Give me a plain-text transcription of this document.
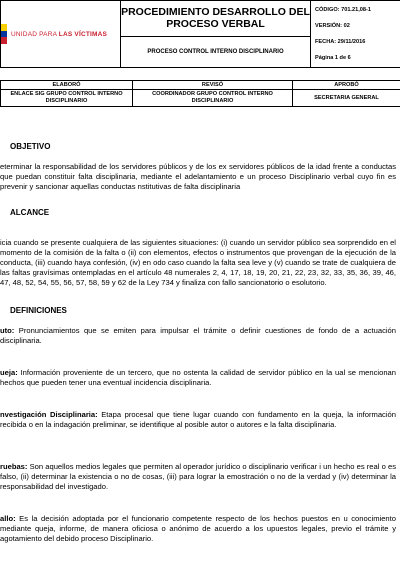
UNIDAD PARA LAS VÍCTIMAS
	PROCEDIMIENTO DESARROLLO DEL PROCESO VERBAL	
CÓDIGO: 701.21,08-1
VERSIÓN: 02
FECHA: 29/11/2016
Página 1 de 6

PROCESO CONTROL INTERNO DISCIPLINARIO
ELABORÓ	REVISÓ	APROBÓ
ENLACE SIG GRUPO CONTROL INTERNO DISCIPLINARIO	COORDINADOR GRUPO CONTROL INTERNO DISCIPLINARIO	SECRETARIA GENERAL
OBJETIVO

eterminar la responsabilidad de los servidores públicos y de los ex servidores públicos de la idad frente a conductas que puedan constituir falta disciplinaria, mediante el adelantamiento e un proceso Disciplinario verbal cuyo fin es prevenir y sancionar aquellas conductas nstitutivas de falta disciplinaria

ALCANCE

icia cuando se presente cualquiera de las siguientes situaciones: (i) cuando un servidor público sea sorprendido en el momento de la comisión de la falta o (ii) con elementos, efectos o instrumentos que provengan de la ejecución de la conducta, (iii) cuando haya confesión, (iv) en odo caso cuando la falta sea leve y (v) cuando se trate de cualquiera de las faltas gravísimas ontempladas en el artículo 48 numerales 2, 4, 17, 18, 19, 20, 21, 22, 23, 32, 33, 35, 36, 39, 46, 47, 48, 52, 54, 55, 56, 57, 58, 59 y 62 de la Ley 734 y finaliza con fallo sancionatorio o esolutorio.

DEFINICIONES

uto: Pronunciamientos que se emiten para impulsar el trámite o definir cuestiones de fondo de a actuación disciplinaria.

ueja: Información proveniente de un tercero, que no ostenta la calidad de servidor público en la ual se mencionan hechos que pueden tener una eventual incidencia disciplinaria.

nvestigación Disciplinaria: Etapa procesal que tiene lugar cuando con fundamento en la queja, la información recibida o en la indagación preliminar, se identifique al posible autor o autores e la falta disciplinaria.

ruebas: Son aquellos medios legales que permiten al operador jurídico o disciplinario verificar i un hecho es real o es falso, (ii) determinar la existencia o no de cosas, (iii) para lograr la emostración o no de la verdad y (iv) determinar la responsabilidad del investigado.

allo: Es la decisión adoptada por el funcionario competente respecto de los hechos puestos en u conocimiento mediante queja, informe, de manera oficiosa o anónimo de acuerdo a los upuestos legales, previo el trámite y agotamiento del debido proceso Disciplinario.
